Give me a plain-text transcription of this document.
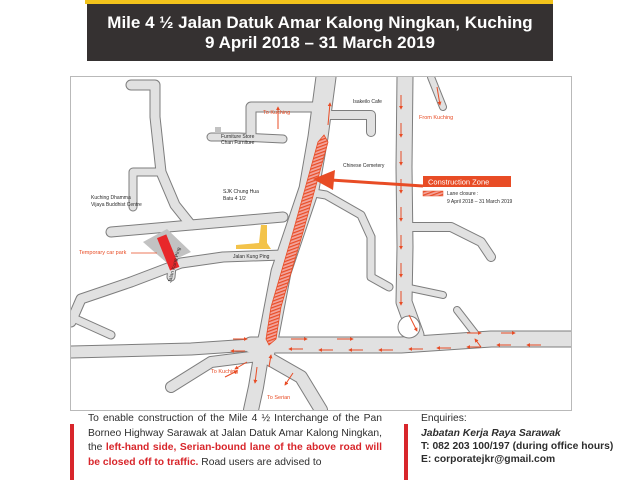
Mile 4 ½ Jalan Datuk Amar Kalong Ningkan, Kuching
9 April 2018 – 31 March 2019
Construction Zone
Lane closure :
9 April 2018 – 31 March 2019
To Kuching
From Kuching
To Kuching
To Serian
Temporary car park
Kuching Dhamma
Vijaya Buddhist Centre
SJK Chung Hua
Batu 4 1/2
Furniture Store
Chan Furniture
Isakeilo Cafe
Chinese Cemetery
Jalan Kung Ping
Jalan Kung Ping
To enable construction of the Mile 4 ½ Interchange of the Pan Borneo Highway Sarawak at Jalan Datuk Amar Kalong Ningkan, the left-hand side, Serian-bound lane of the above road will be closed off to traffic. Road users are advised to
Enquiries:
Jabatan Kerja Raya Sarawak
T: 082 203 100/197 (during office hours)
E: corporatejkr@gmail.com
